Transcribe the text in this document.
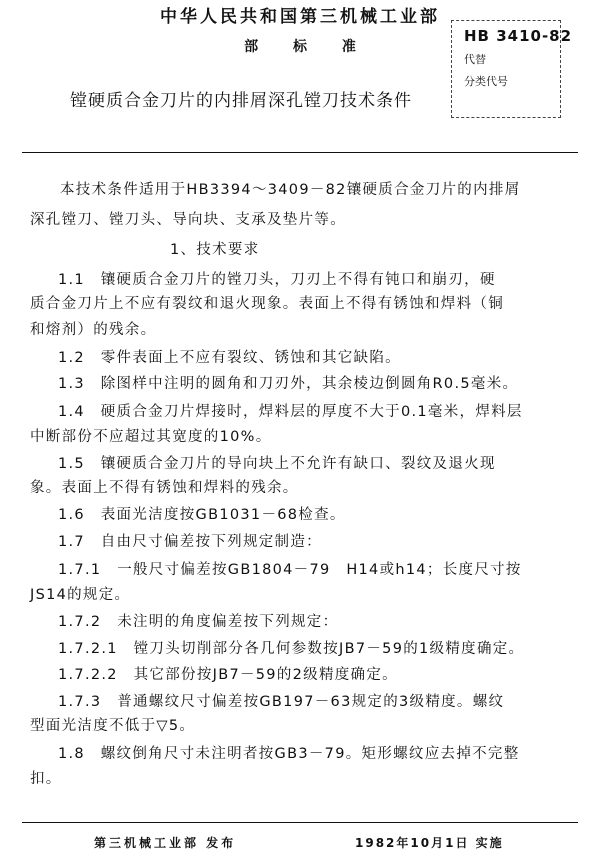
中华人民共和国第三机械工业部
部 标 准
镗硬质合金刀片的内排屑深孔镗刀技术条件
HB 3410-82
代替
分类代号
本技术条件适用于HB3394～3409－82镶硬质合金刀片的内排屑
深孔镗刀、镗刀头、导向块、支承及垫片等。
1、技术要求
1.1　镶硬质合金刀片的镗刀头，刀刃上不得有钝口和崩刃，硬
质合金刀片上不应有裂纹和退火现象。表面上不得有锈蚀和焊料（铜
和熔剂）的残余。
1.2　零件表面上不应有裂纹、锈蚀和其它缺陷。
1.3　除图样中注明的圆角和刀刃外，其余棱边倒圆角R0.5毫米。
1.4　硬质合金刀片焊接时，焊料层的厚度不大于0.1毫米，焊料层
中断部份不应超过其宽度的10%。
1.5　镶硬质合金刀片的导向块上不允许有缺口、裂纹及退火现
象。表面上不得有锈蚀和焊料的残余。
1.6　表面光洁度按GB1031－68检查。
1.7　自由尺寸偏差按下列规定制造：
1.7.1　一般尺寸偏差按GB1804－79　H14或h14；长度尺寸按
JS14的规定。
1.7.2　未注明的角度偏差按下列规定：
1.7.2.1　镗刀头切削部分各几何参数按JB7－59的1级精度确定。
1.7.2.2　其它部份按JB7－59的2级精度确定。
1.7.3　普通螺纹尺寸偏差按GB197－63规定的3级精度。螺纹
型面光洁度不低于▽5。
1.8　螺纹倒角尺寸未注明者按GB3－79。矩形螺纹应去掉不完整
扣。
第三机械工业部 发布	1982年10月1日 实施
